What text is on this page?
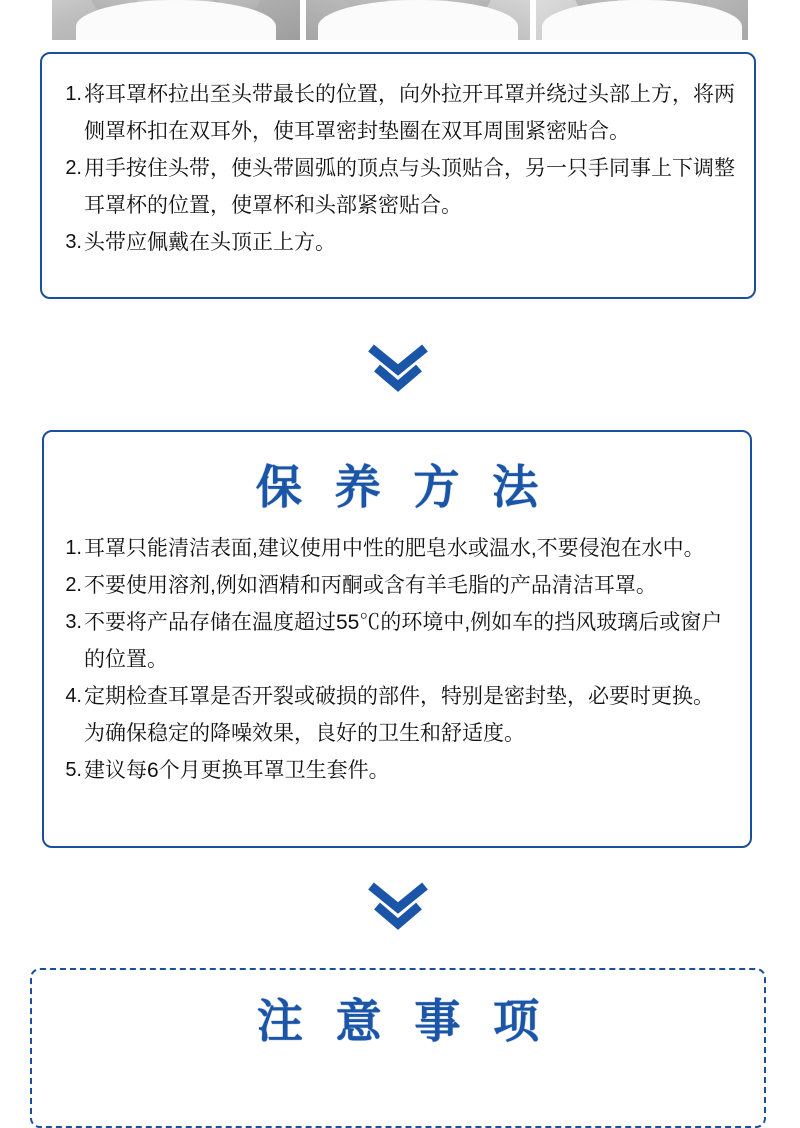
1. 将耳罩杯拉出至头带最长的位置，向外拉开耳罩并绕过头部上方，将两侧罩杯扣在双耳外，使耳罩密封垫圈在双耳周围紧密贴合。
2. 用手按住头带，使头带圆弧的顶点与头顶贴合，另一只手同事上下调整耳罩杯的位置，使罩杯和头部紧密贴合。
3. 头带应佩戴在头顶正上方。
保 养 方 法
1. 耳罩只能清洁表面,建议使用中性的肥皂水或温水,不要侵泡在水中。
2. 不要使用溶剂,例如酒精和丙酮或含有羊毛脂的产品清洁耳罩。
3. 不要将产品存储在温度超过55℃的环境中,例如车的挡风玻璃后或窗户的位置。
4. 定期检查耳罩是否开裂或破损的部件，特别是密封垫，必要时更换。为确保稳定的降噪效果，良好的卫生和舒适度。
5. 建议每6个月更换耳罩卫生套件。
注 意 事 项
